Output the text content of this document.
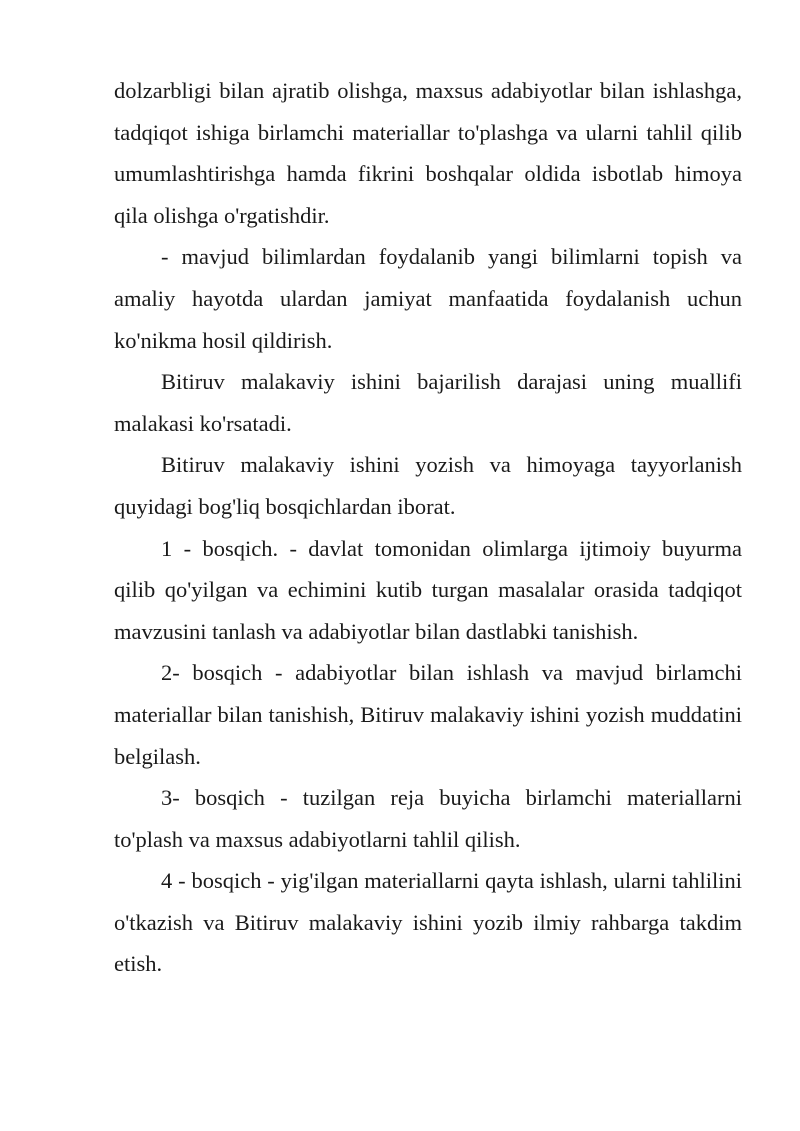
dolzarbligi bilan ajratib olishga, maxsus adabiyotlar bilan ishlashga, tadqiqot ishiga birlamchi materiallar to'plashga va ularni tahlil qilib umumlashtirishga hamda fikrini boshqalar oldida isbotlab himoya qila olishga o'rgatishdir.

- mavjud bilimlardan foydalanib yangi bilimlarni topish va amaliy hayotda ulardan jamiyat manfaatida foydalanish uchun ko'nikma hosil qildirish.

Bitiruv malakaviy ishini bajarilish darajasi uning muallifi malakasi ko'rsatadi.

Bitiruv malakaviy ishini yozish va himoyaga tayyorlanish quyidagi bog'liq bosqichlardan iborat.

1 - bosqich. - davlat tomonidan olimlarga ijtimoiy buyurma qilib qo'yilgan va echimini kutib turgan masalalar orasida tadqiqot mavzusini tanlash va adabiyotlar bilan dastlabki tanishish.

2- bosqich - adabiyotlar bilan ishlash va mavjud birlamchi materiallar bilan tanishish, Bitiruv malakaviy ishini yozish muddatini belgilash.

3- bosqich - tuzilgan reja buyicha birlamchi materiallarni to'plash va maxsus adabiyotlarni tahlil qilish.

4 - bosqich - yig'ilgan materiallarni qayta ishlash, ularni tahlilini o'tkazish va Bitiruv malakaviy ishini yozib ilmiy rahbarga takdim etish.
